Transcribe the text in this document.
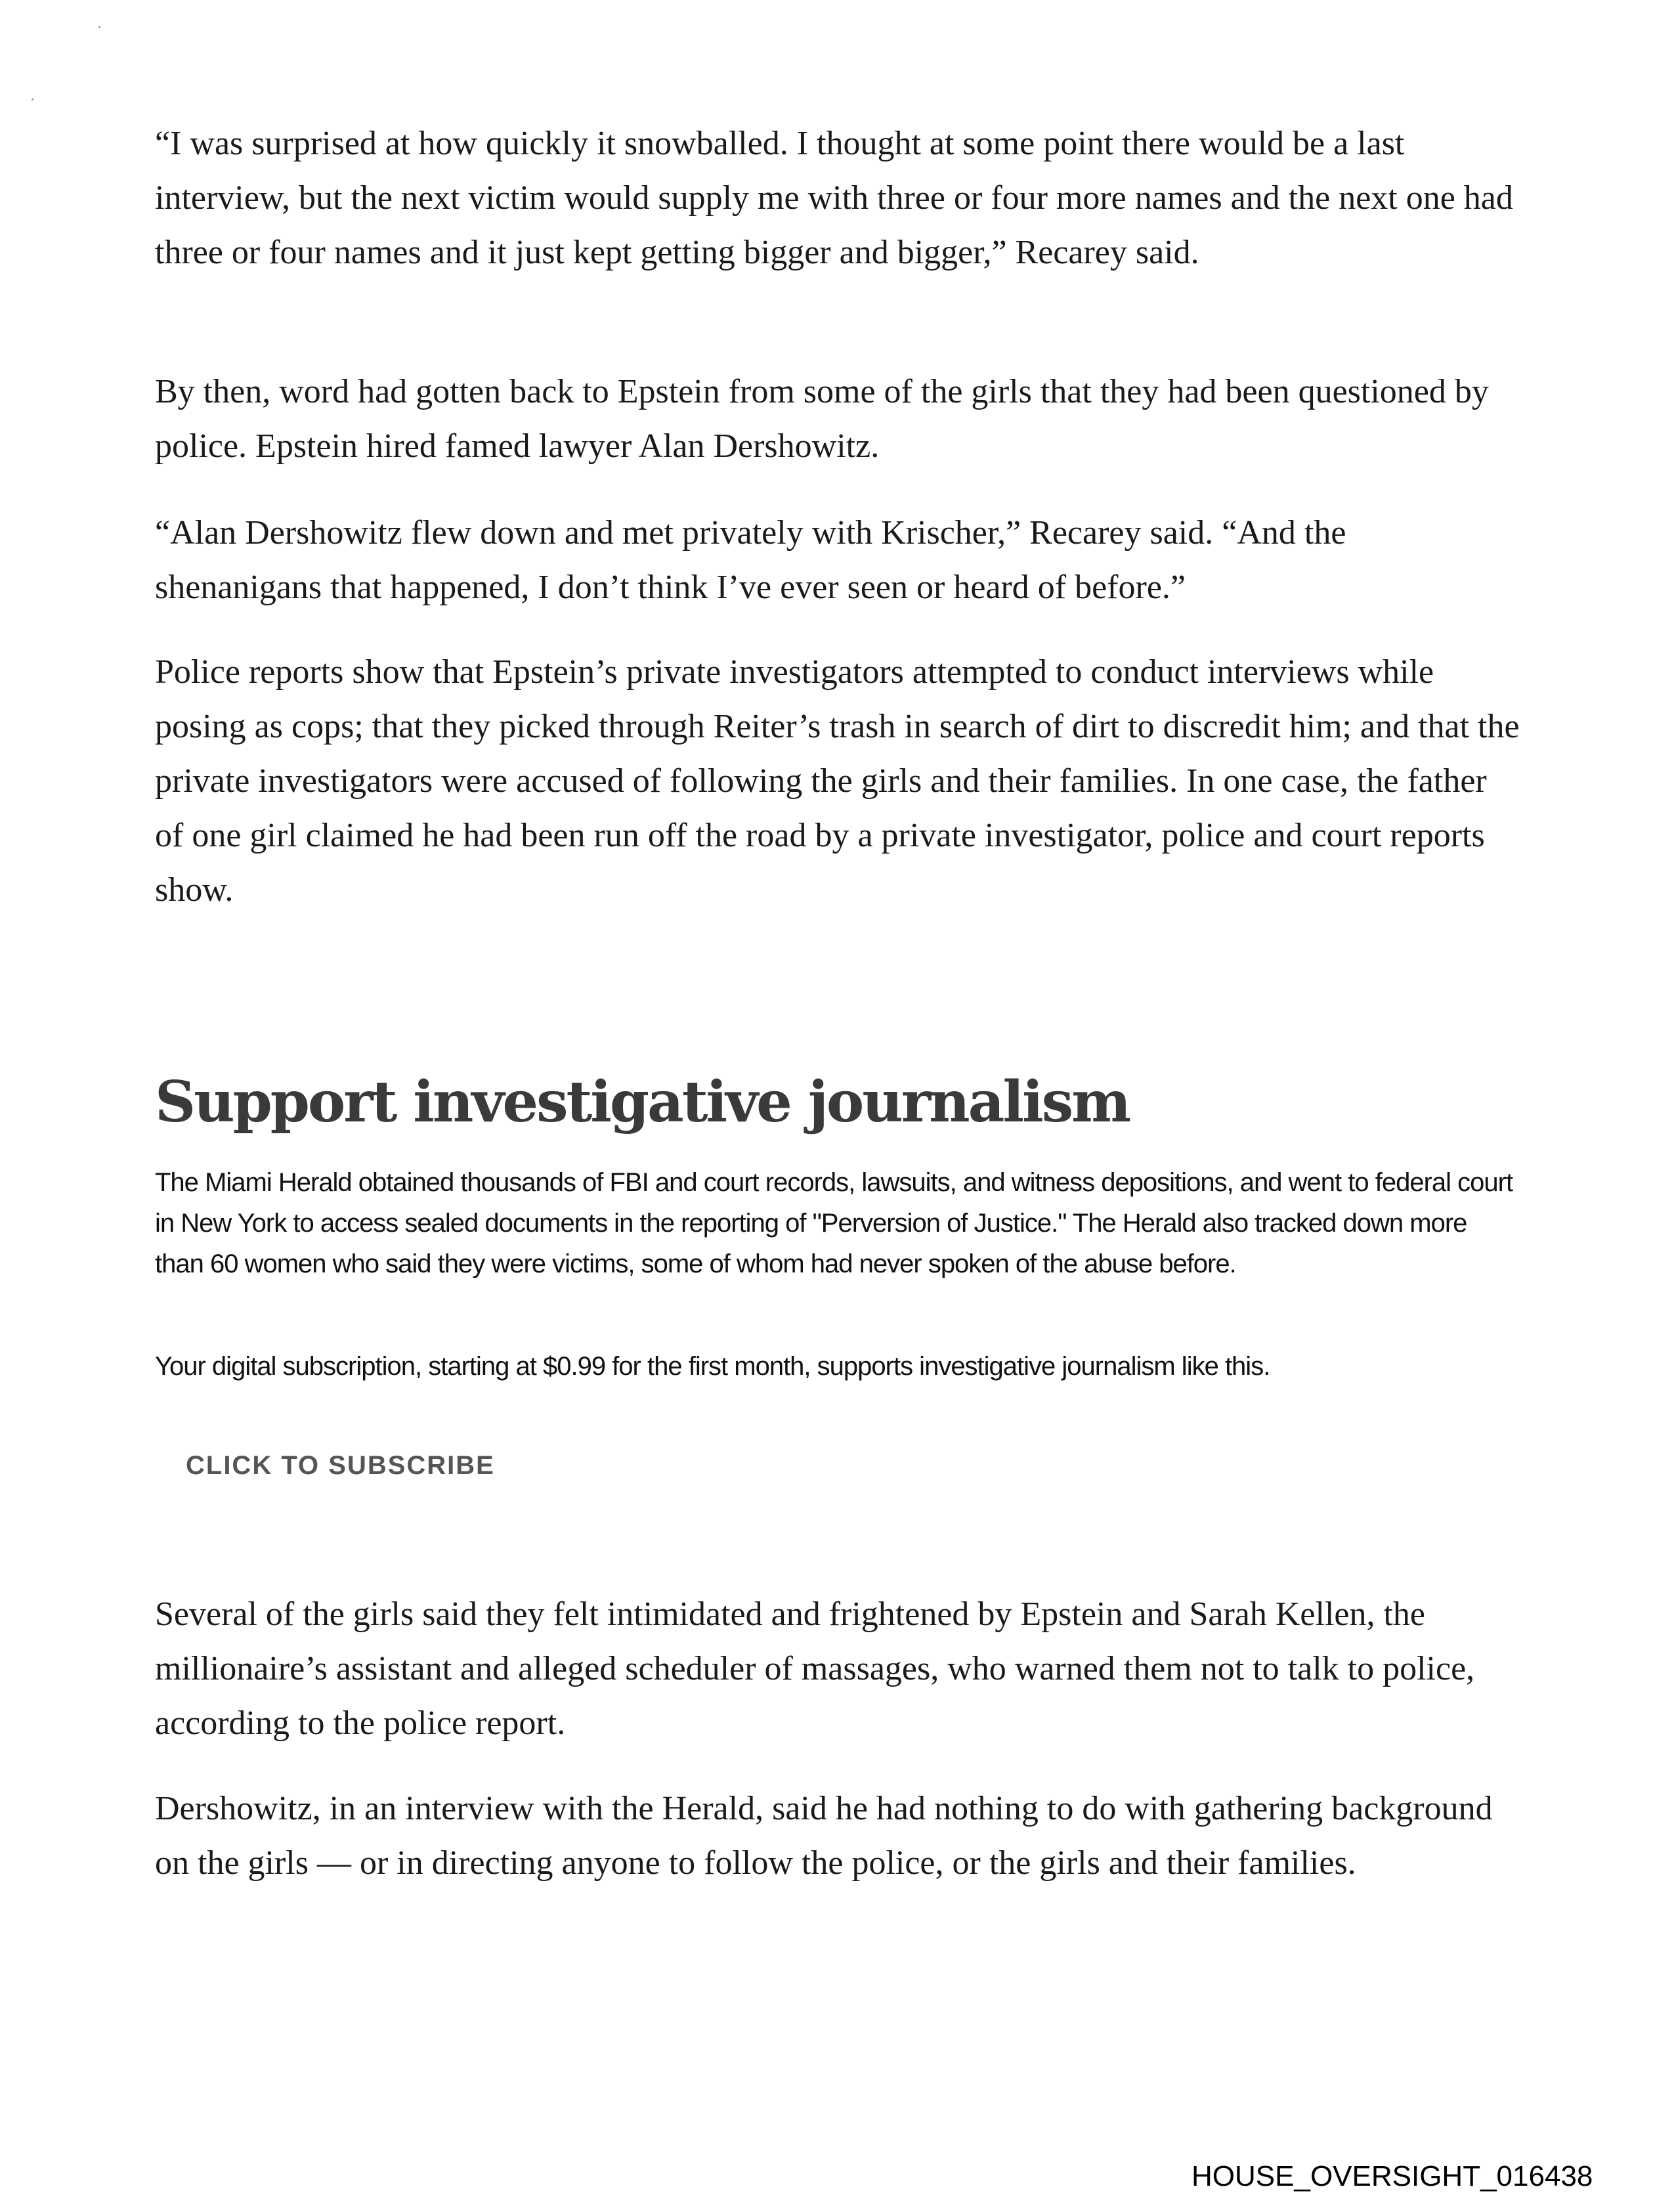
“I was surprised at how quickly it snowballed. I thought at some point there would be a last interview, but the next victim would supply me with three or four more names and the next one had three or four names and it just kept getting bigger and bigger,” Recarey said.

By then, word had gotten back to Epstein from some of the girls that they had been questioned by police. Epstein hired famed lawyer Alan Dershowitz.

“Alan Dershowitz flew down and met privately with Krischer,” Recarey said. “And the shenanigans that happened, I don’t think I’ve ever seen or heard of before.”

Police reports show that Epstein’s private investigators attempted to conduct interviews while posing as cops; that they picked through Reiter’s trash in search of dirt to discredit him; and that the private investigators were accused of following the girls and their families. In one case, the father of one girl claimed he had been run off the road by a private investigator, police and court reports show.

Support investigative journalism

The Miami Herald obtained thousands of FBI and court records, lawsuits, and witness depositions, and went to federal court in New York to access sealed documents in the reporting of "Perversion of Justice." The Herald also tracked down more than 60 women who said they were victims, some of whom had never spoken of the abuse before.

Your digital subscription, starting at $0.99 for the first month, supports investigative journalism like this.

CLICK TO SUBSCRIBE

Several of the girls said they felt intimidated and frightened by Epstein and Sarah Kellen, the millionaire’s assistant and alleged scheduler of massages, who warned them not to talk to police, according to the police report.

Dershowitz, in an interview with the Herald, said he had nothing to do with gathering background on the girls — or in directing anyone to follow the police, or the girls and their families.

HOUSE_OVERSIGHT_016438
